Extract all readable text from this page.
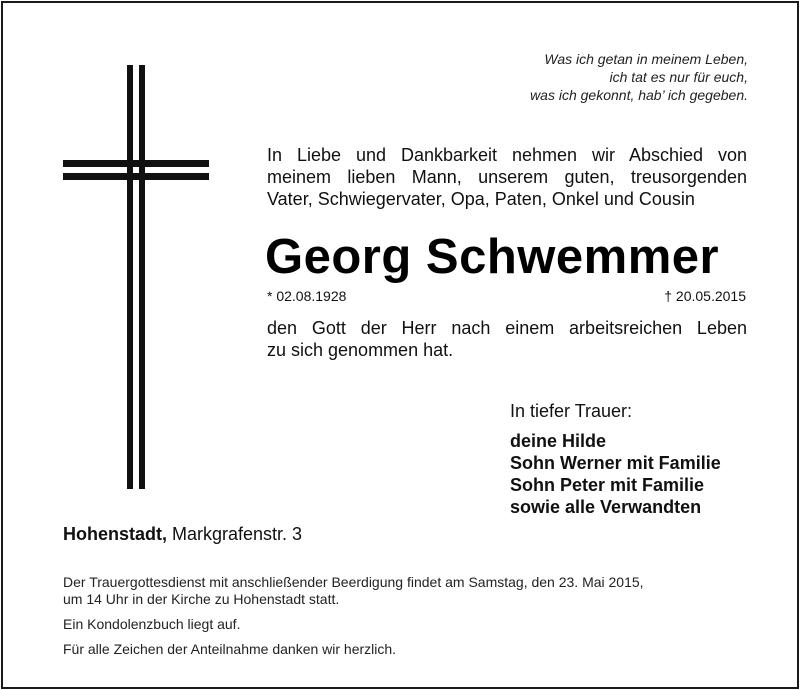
Was ich getan in meinem Leben,
ich tat es nur für euch,
was ich gekonnt, hab’ ich gegeben.
In Liebe und Dankbarkeit nehmen wir Abschied von
meinem lieben Mann, unserem guten, treusorgenden
Vater, Schwiegervater, Opa, Paten, Onkel und Cousin
Georg Schwemmer
* 02.08.1928	† 20.05.2015
den Gott der Herr nach einem arbeitsreichen Leben
zu sich genommen hat.
In tiefer Trauer:
deine Hilde
Sohn Werner mit Familie
Sohn Peter mit Familie
sowie alle Verwandten
Hohenstadt, Markgrafenstr. 3
Der Trauergottesdienst mit anschließender Beerdigung findet am Samstag, den 23. Mai 2015,
um 14 Uhr in der Kirche zu Hohenstadt statt.
Ein Kondolenzbuch liegt auf.
Für alle Zeichen der Anteilnahme danken wir herzlich.
